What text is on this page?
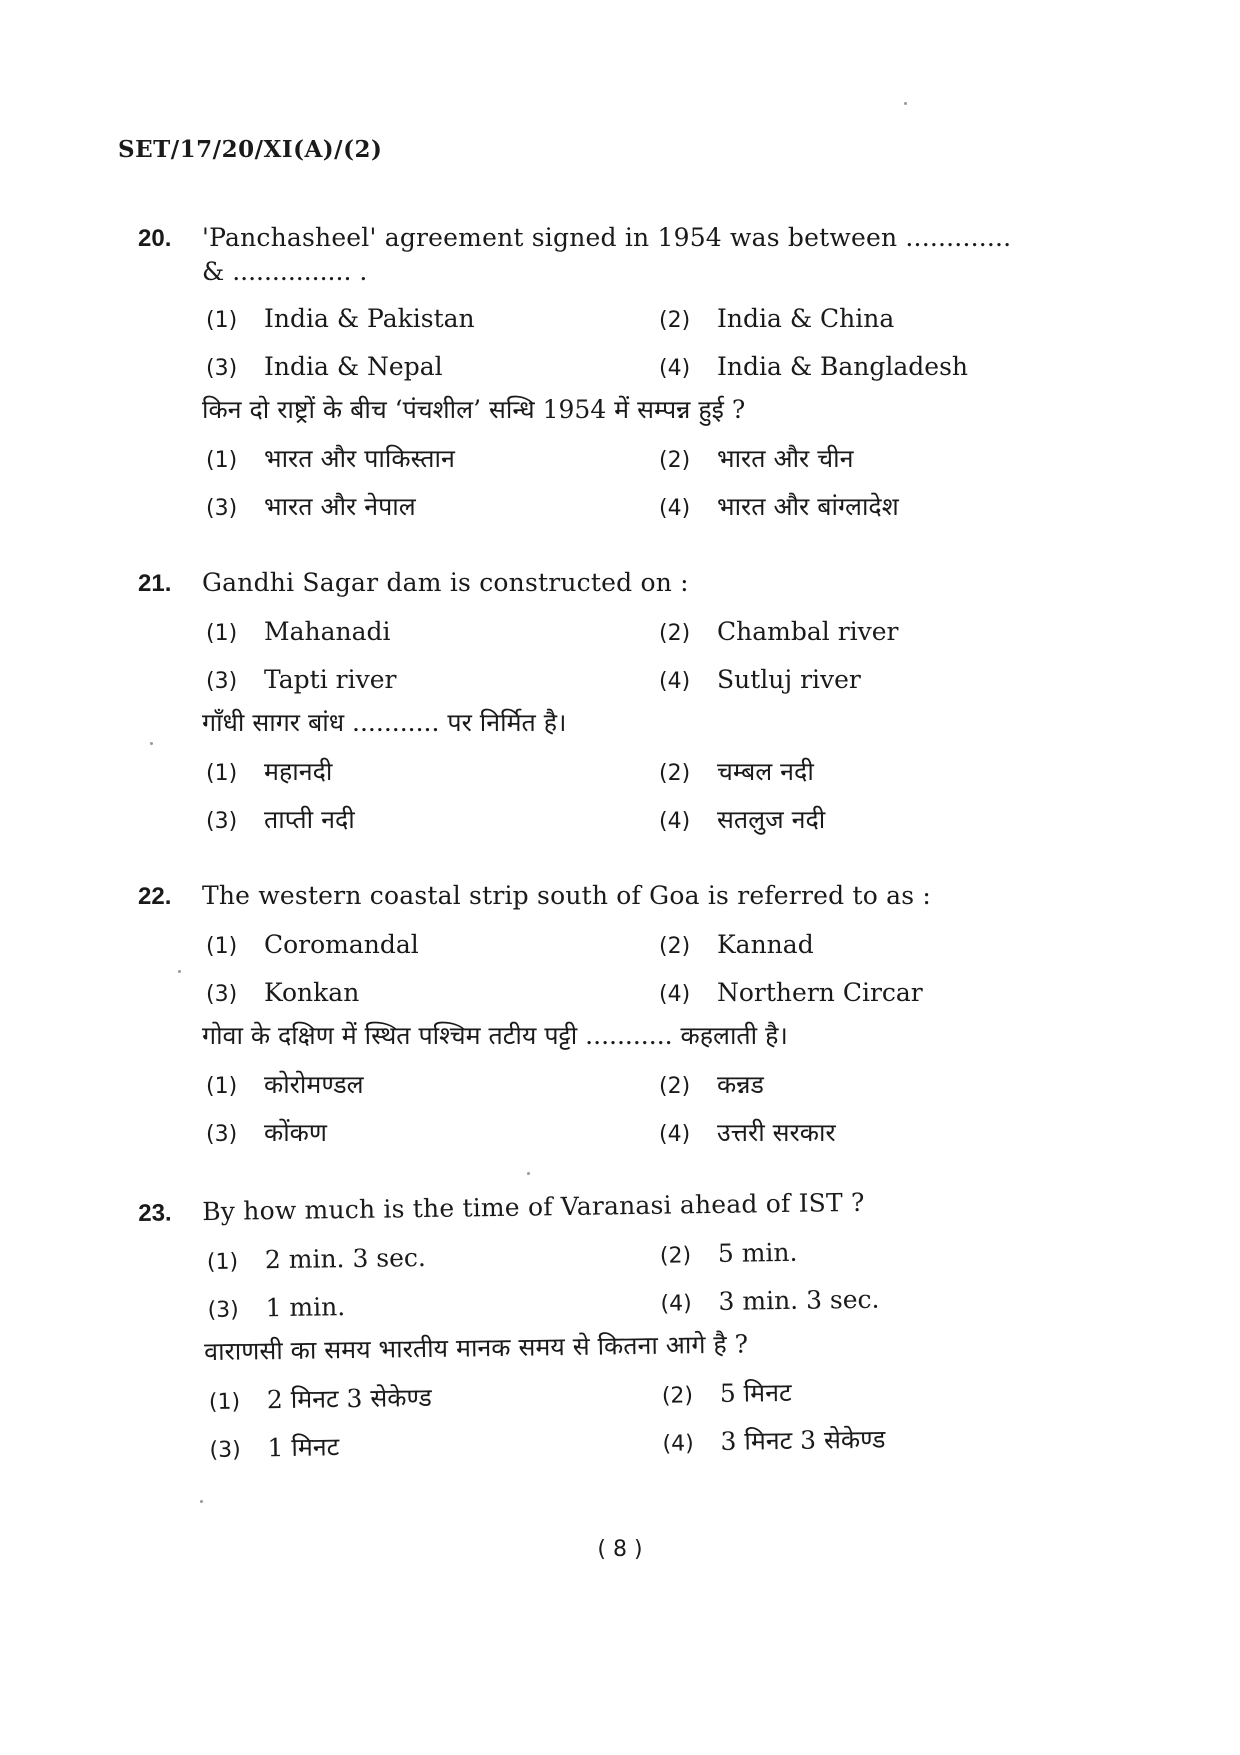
SET/17/20/XI(A)/(2)
20.	'Panchasheel' agreement signed in 1954 was between .............
& ............... .
(1)	India & Pakistan	(2)	India & China
(3)	India & Nepal	(4)	India & Bangladesh
किन दो राष्ट्रों के बीच ‘पंचशील’ सन्धि 1954 में सम्पन्न हुई ?
(1)	भारत और पाकिस्तान	(2)	भारत और चीन
(3)	भारत और नेपाल	(4)	भारत और बांग्लादेश
21.	Gandhi Sagar dam is constructed on :
(1)	Mahanadi	(2)	Chambal river
(3)	Tapti river	(4)	Sutluj river
गाँधी सागर बांध ........... पर निर्मित है।
(1)	महानदी	(2)	चम्बल नदी
(3)	ताप्ती नदी	(4)	सतलुज नदी
22.	The western coastal strip south of Goa is referred to as :
(1)	Coromandal	(2)	Kannad
(3)	Konkan	(4)	Northern Circar
गोवा के दक्षिण में स्थित पश्चिम तटीय पट्टी ........... कहलाती है।
(1)	कोरोमण्डल	(2)	कन्नड
(3)	कोंकण	(4)	उत्तरी सरकार
23.	By how much is the time of Varanasi ahead of IST ?
(1)	2 min. 3 sec.	(2)	5 min.
(3)	1 min.	(4)	3 min. 3 sec.
वाराणसी का समय भारतीय मानक समय से कितना आगे है ?
(1)	2 मिनट 3 सेकेण्ड	(2)	5 मिनट
(3)	1 मिनट	(4)	3 मिनट 3 सेकेण्ड
( 8 )
